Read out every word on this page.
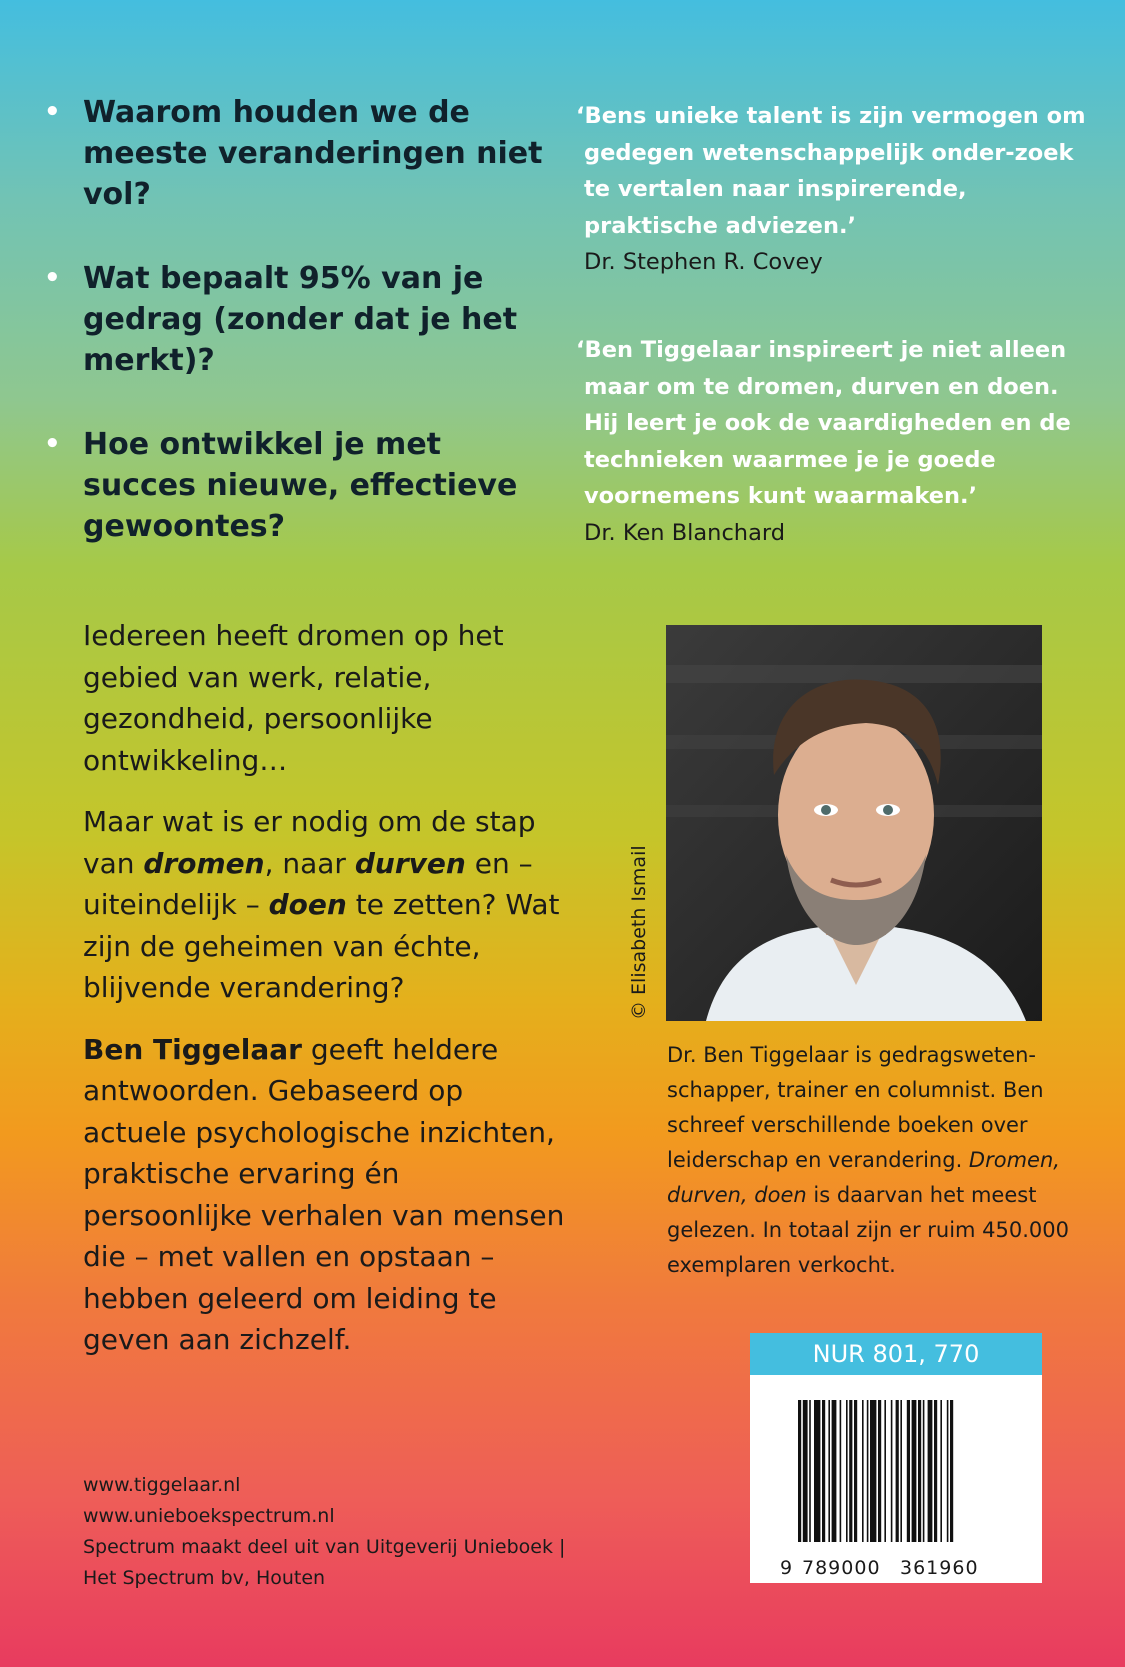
• Waarom houden we de meeste veranderingen niet vol?
• Wat bepaalt 95% van je gedrag (zonder dat je het merkt)?
• Hoe ontwikkel je met succes nieuwe, effectieve gewoontes?
‘Bens unieke talent is zijn vermogen om gedegen wetenschappelijk onder-zoek te vertalen naar inspirerende, praktische adviezen.’
Dr. Stephen R. Covey
‘Ben Tiggelaar inspireert je niet alleen maar om te dromen, durven en doen. Hij leert je ook de vaardigheden en de technieken waarmee je je goede voornemens kunt waarmaken.’
Dr. Ken Blanchard

Iedereen heeft dromen op het gebied van werk, relatie, gezondheid, persoonlijke ontwikkeling…

Maar wat is er nodig om de stap van dromen, naar durven en – uiteindelijk – doen te zetten? Wat zijn de geheimen van échte, blijvende verandering?

Ben Tiggelaar geeft heldere antwoorden. Gebaseerd op actuele psychologische inzichten, praktische ervaring én persoonlijke verhalen van mensen die – met vallen en opstaan – hebben geleerd om leiding te geven aan zichzelf.

© Elisabeth Ismail
Dr. Ben Tiggelaar is gedragsweten-schapper, trainer en columnist. Ben schreef verschillende boeken over leiderschap en verandering. Dromen, durven, doen is daarvan het meest gelezen. In totaal zijn er ruim 450.000 exemplaren verkocht.
NUR 801, 770
9 789000 361960
www.tiggelaar.nl
www.unieboekspectrum.nl
Spectrum maakt deel uit van Uitgeverij Unieboek |
Het Spectrum bv, Houten
